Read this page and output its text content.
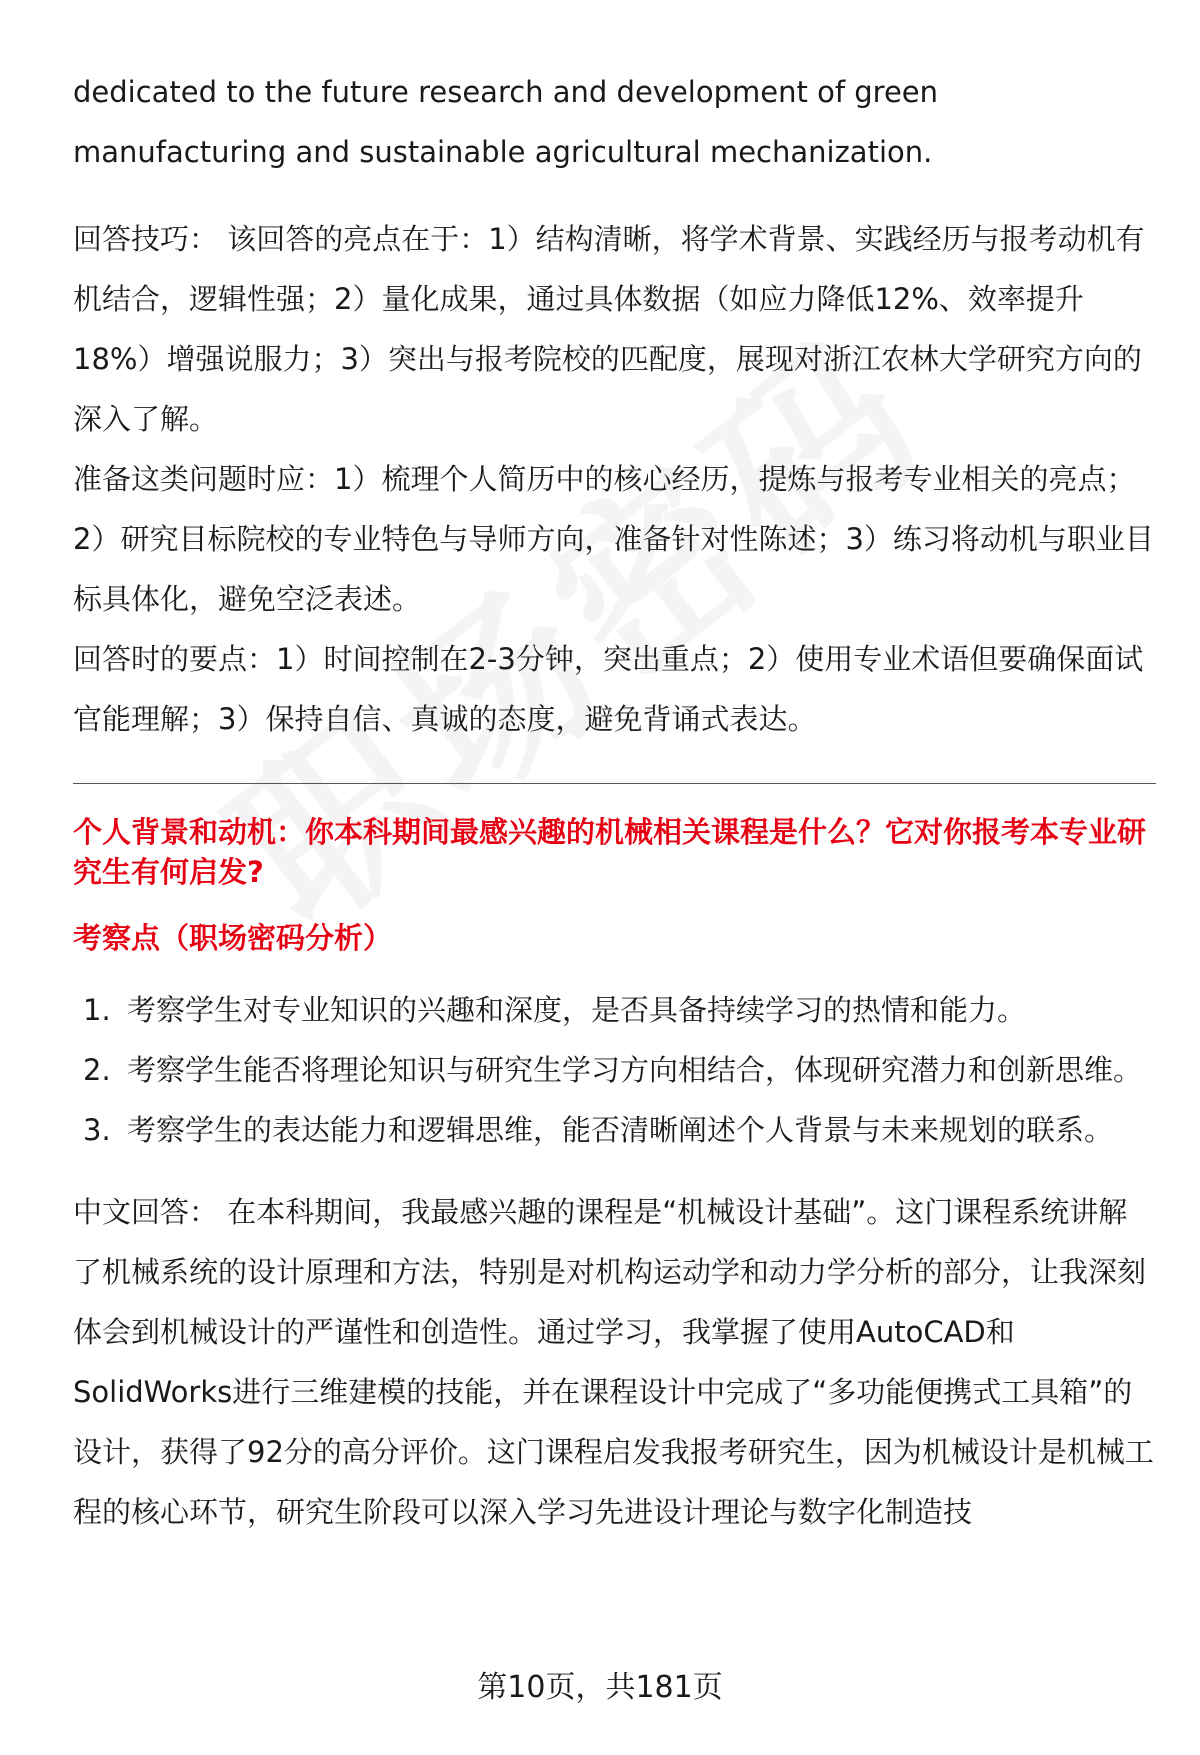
dedicated to the future research and development of green manufacturing and sustainable agricultural mechanization.

回答技巧： 该回答的亮点在于：1）结构清晰，将学术背景、实践经历与报考动机有机结合，逻辑性强；2）量化成果，通过具体数据（如应力降低12%、效率提升18%）增强说服力；3）突出与报考院校的匹配度，展现对浙江农林大学研究方向的深入了解。

准备这类问题时应：1）梳理个人简历中的核心经历，提炼与报考专业相关的亮点；2）研究目标院校的专业特色与导师方向，准备针对性陈述；3）练习将动机与职业目标具体化，避免空泛表述。

回答时的要点：1）时间控制在2-3分钟，突出重点；2）使用专业术语但要确保面试官能理解；3）保持自信、真诚的态度，避免背诵式表达。

个人背景和动机：你本科期间最感兴趣的机械相关课程是什么？它对你报考本专业研究生有何启发?
考察点（职场密码分析）
1. 考察学生对专业知识的兴趣和深度，是否具备持续学习的热情和能力。
2. 考察学生能否将理论知识与研究生学习方向相结合，体现研究潜力和创新思维。
3. 考察学生的表达能力和逻辑思维，能否清晰阐述个人背景与未来规划的联系。

中文回答： 在本科期间，我最感兴趣的课程是“机械设计基础”。这门课程系统讲解了机械系统的设计原理和方法，特别是对机构运动学和动力学分析的部分，让我深刻体会到机械设计的严谨性和创造性。通过学习，我掌握了使用AutoCAD和SolidWorks进行三维建模的技能，并在课程设计中完成了“多功能便携式工具箱”的设计，获得了92分的高分评价。这门课程启发我报考研究生，因为机械设计是机械工程的核心环节，研究生阶段可以深入学习先进设计理论与数字化制造技

第10页，共181页
